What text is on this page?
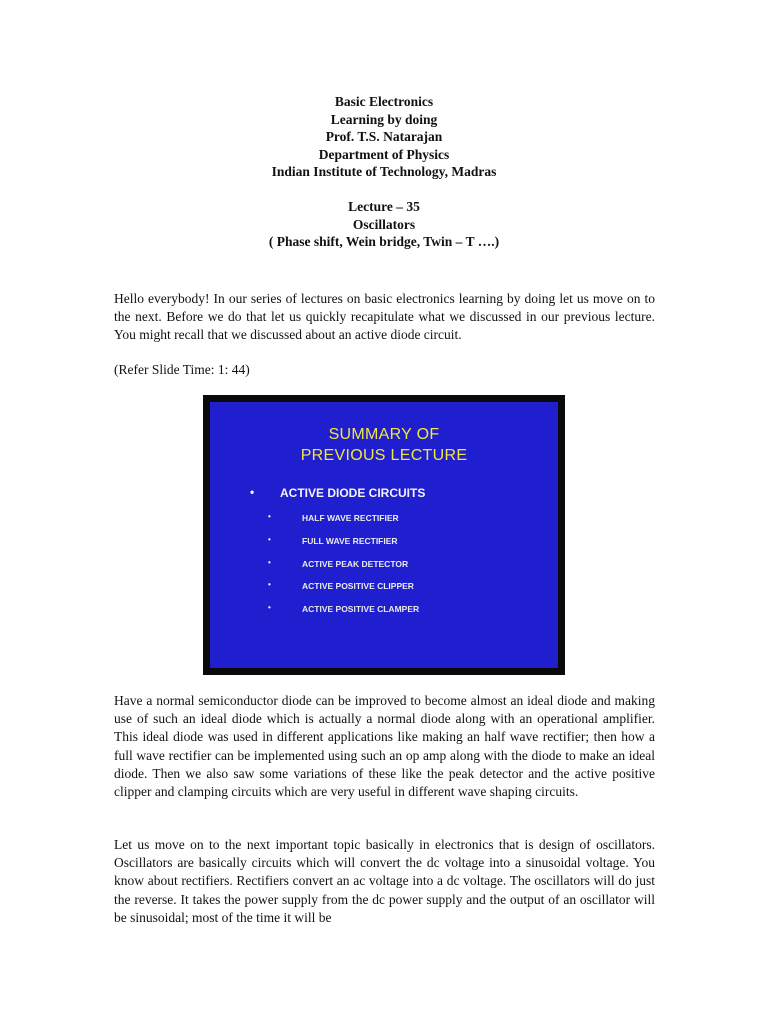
Basic Electronics
Learning by doing
Prof. T.S. Natarajan
Department of Physics
Indian Institute of Technology, Madras
Lecture – 35
Oscillators
( Phase shift, Wein bridge, Twin – T ….)

Hello everybody! In our series of lectures on basic electronics learning by doing let us move on to the next. Before we do that let us quickly recapitulate what we discussed in our previous lecture. You might recall that we discussed about an active diode circuit.

(Refer Slide Time: 1: 44)

SUMMARY OF
PREVIOUS LECTURE
• ACTIVE DIODE CIRCUITS
•	HALF WAVE RECTIFIER
•	FULL WAVE RECTIFIER
•	ACTIVE PEAK DETECTOR
•	ACTIVE POSITIVE CLIPPER
•	ACTIVE POSITIVE CLAMPER

Have a normal semiconductor diode can be improved to become almost an ideal diode and making use of such an ideal diode which is actually a normal diode along with an operational amplifier. This ideal diode was used in different applications like making an half wave rectifier; then how a full wave rectifier can be implemented using such an op amp along with the diode to make an ideal diode. Then we also saw some variations of these like the peak detector and the active positive clipper and clamping circuits which are very useful in different wave shaping circuits.

Let us move on to the next important topic basically in electronics that is design of oscillators. Oscillators are basically circuits which will convert the dc voltage into a sinusoidal voltage. You know about rectifiers. Rectifiers convert an ac voltage into a dc voltage. The oscillators will do just the reverse. It takes the power supply from the dc power supply and the output of an oscillator will be sinusoidal; most of the time it will be
